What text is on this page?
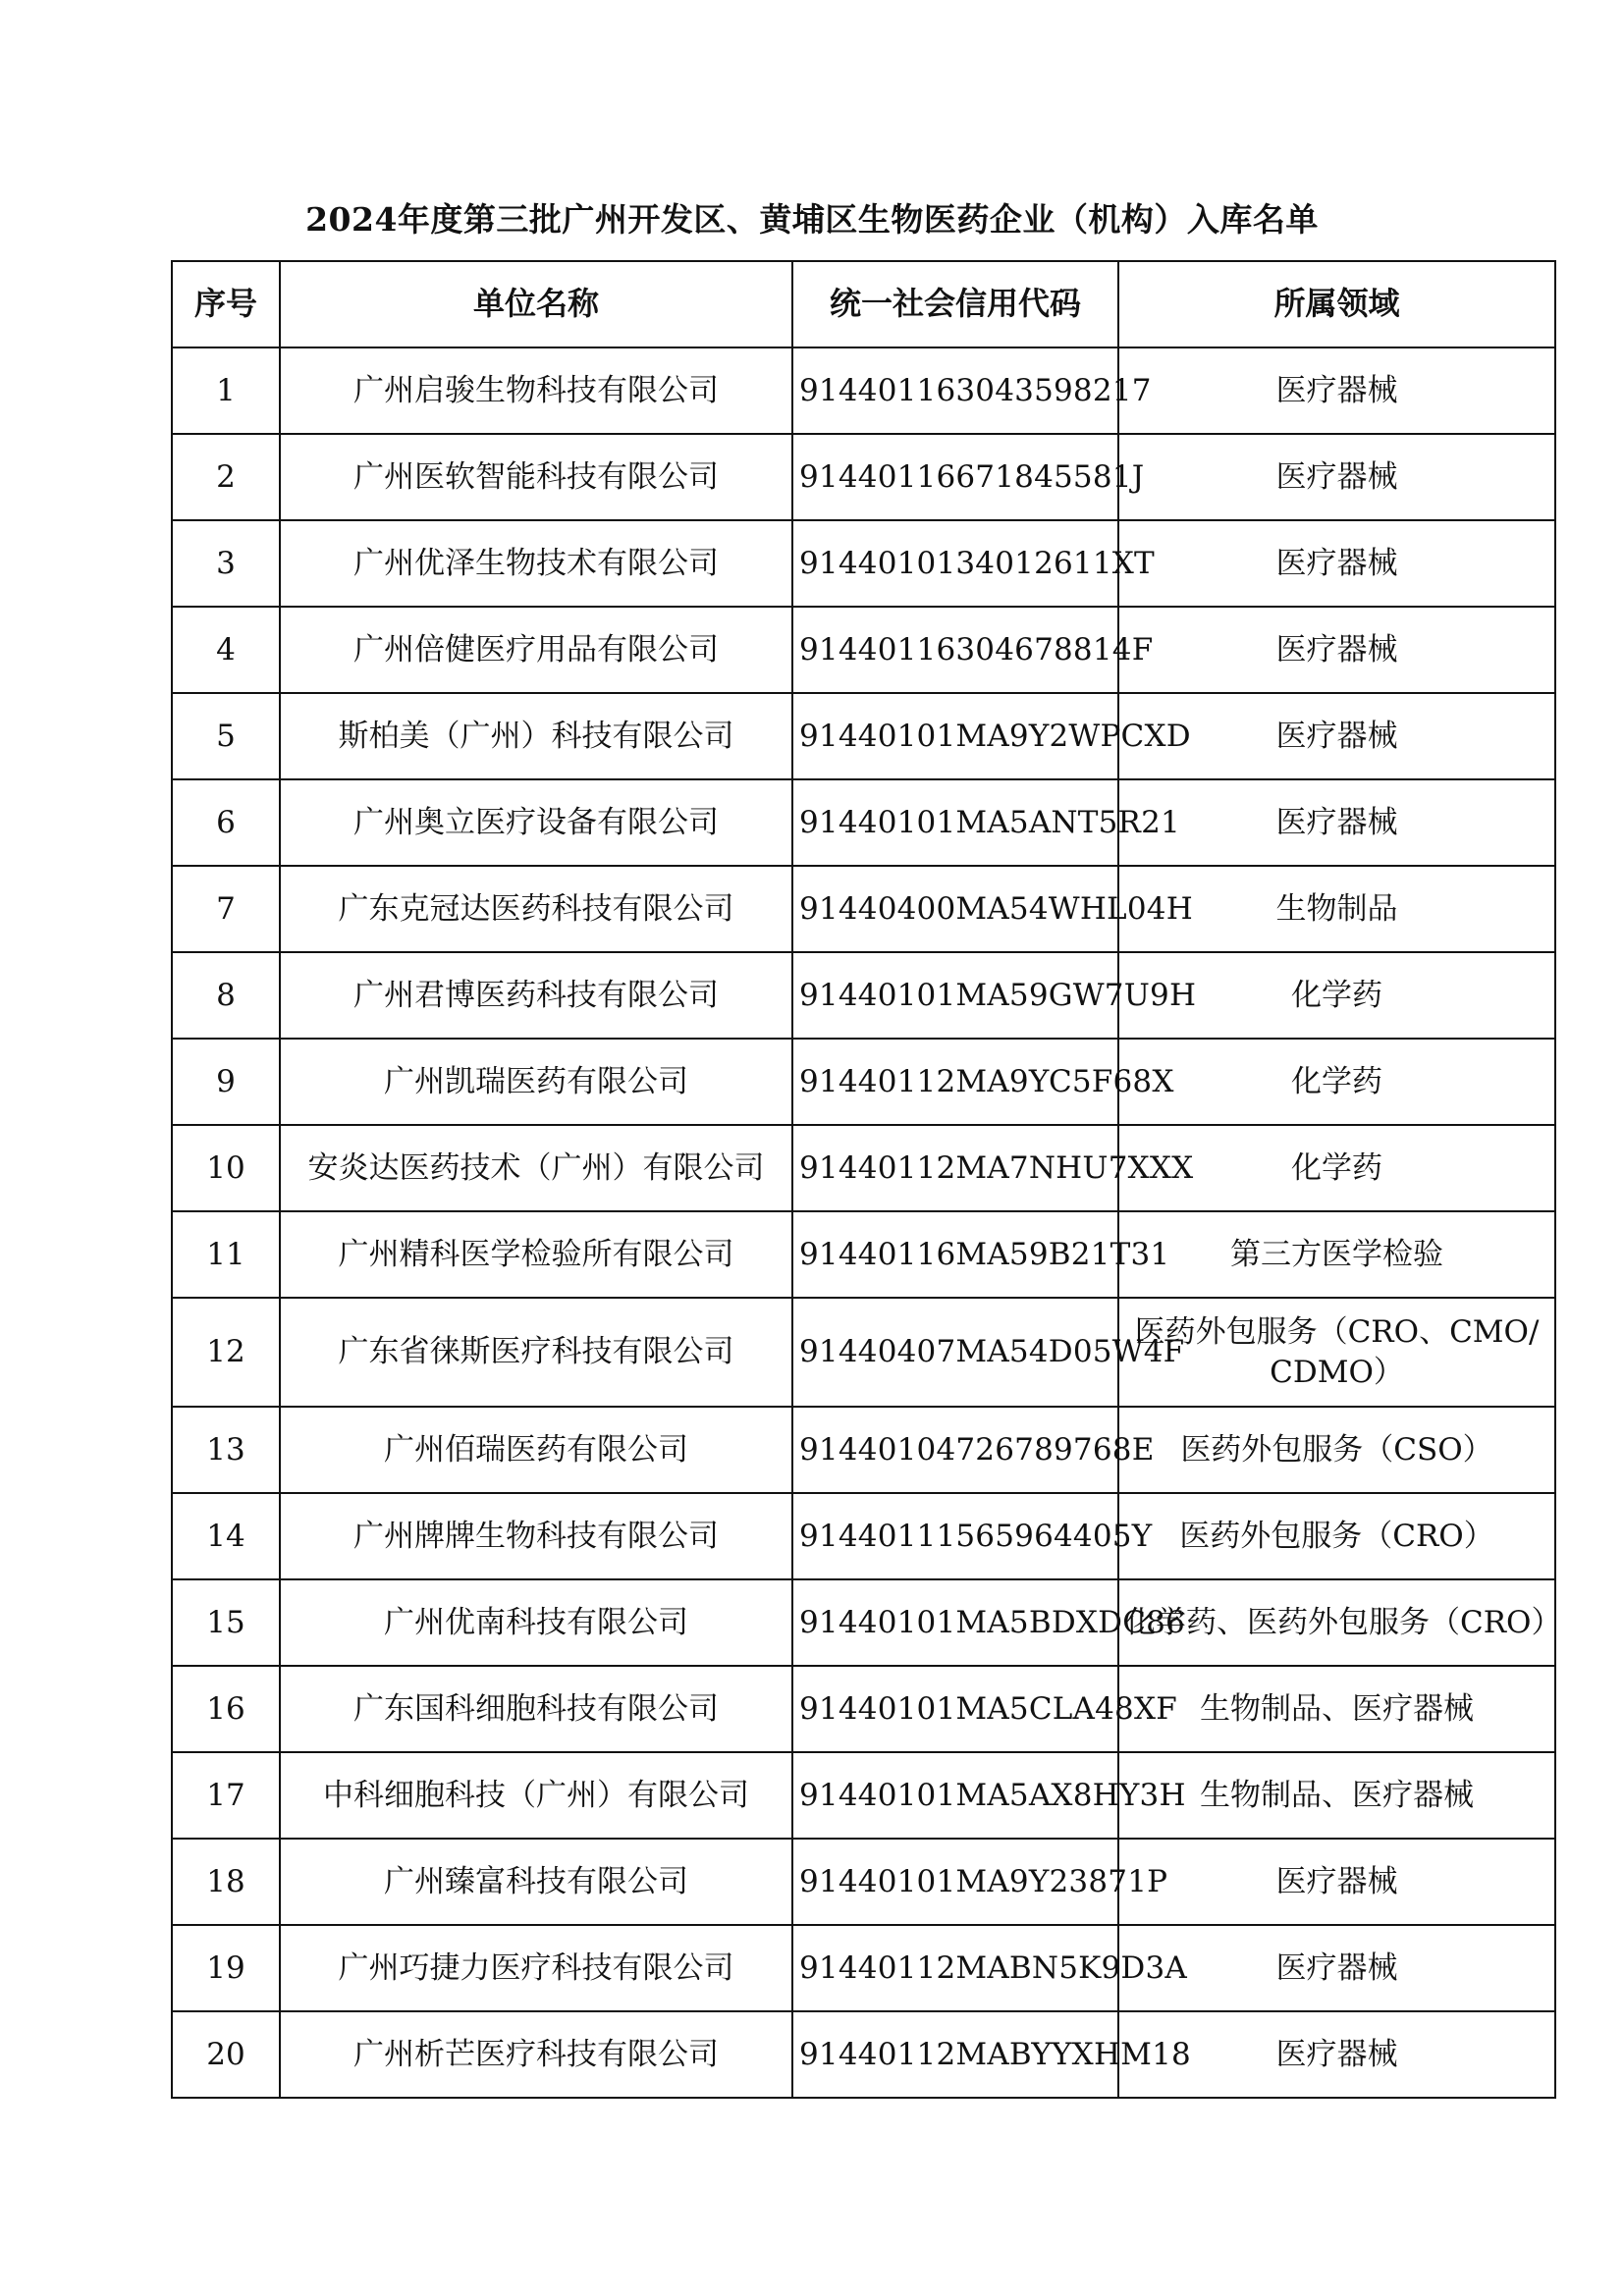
2024年度第三批广州开发区、黄埔区生物医药企业（机构）入库名单
序号	单位名称	统一社会信用代码	所属领域
1	广州启骏生物科技有限公司	914401163043598217	医疗器械
2	广州医软智能科技有限公司	91440116671845581J	医疗器械
3	广州优泽生物技术有限公司	9144010134012611XT	医疗器械
4	广州倍健医疗用品有限公司	91440116304678814F	医疗器械
5	斯柏美（广州）科技有限公司	91440101MA9Y2WPCXD	医疗器械
6	广州奥立医疗设备有限公司	91440101MA5ANT5R21	医疗器械
7	广东克冠达医药科技有限公司	91440400MA54WHL04H	生物制品
8	广州君博医药科技有限公司	91440101MA59GW7U9H	化学药
9	广州凯瑞医药有限公司	91440112MA9YC5F68X	化学药
10	安炎达医药技术（广州）有限公司	91440112MA7NHU7XXX	化学药
11	广州精科医学检验所有限公司	91440116MA59B21T31	第三方医学检验
12	广东省徕斯医疗科技有限公司	91440407MA54D05W4F	医药外包服务（CRO、CMO/CDMO）
13	广州佰瑞医药有限公司	91440104726789768E	医药外包服务（CSO）
14	广州牌牌生物科技有限公司	91440111565964405Y	医药外包服务（CRO）
15	广州优南科技有限公司	91440101MA5BDXDC86	化学药、医药外包服务（CRO）
16	广东国科细胞科技有限公司	91440101MA5CLA48XF	生物制品、医疗器械
17	中科细胞科技（广州）有限公司	91440101MA5AX8HY3H	生物制品、医疗器械
18	广州臻富科技有限公司	91440101MA9Y23871P	医疗器械
19	广州巧捷力医疗科技有限公司	91440112MABN5K9D3A	医疗器械
20	广州析芒医疗科技有限公司	91440112MABYYXHM18	医疗器械
